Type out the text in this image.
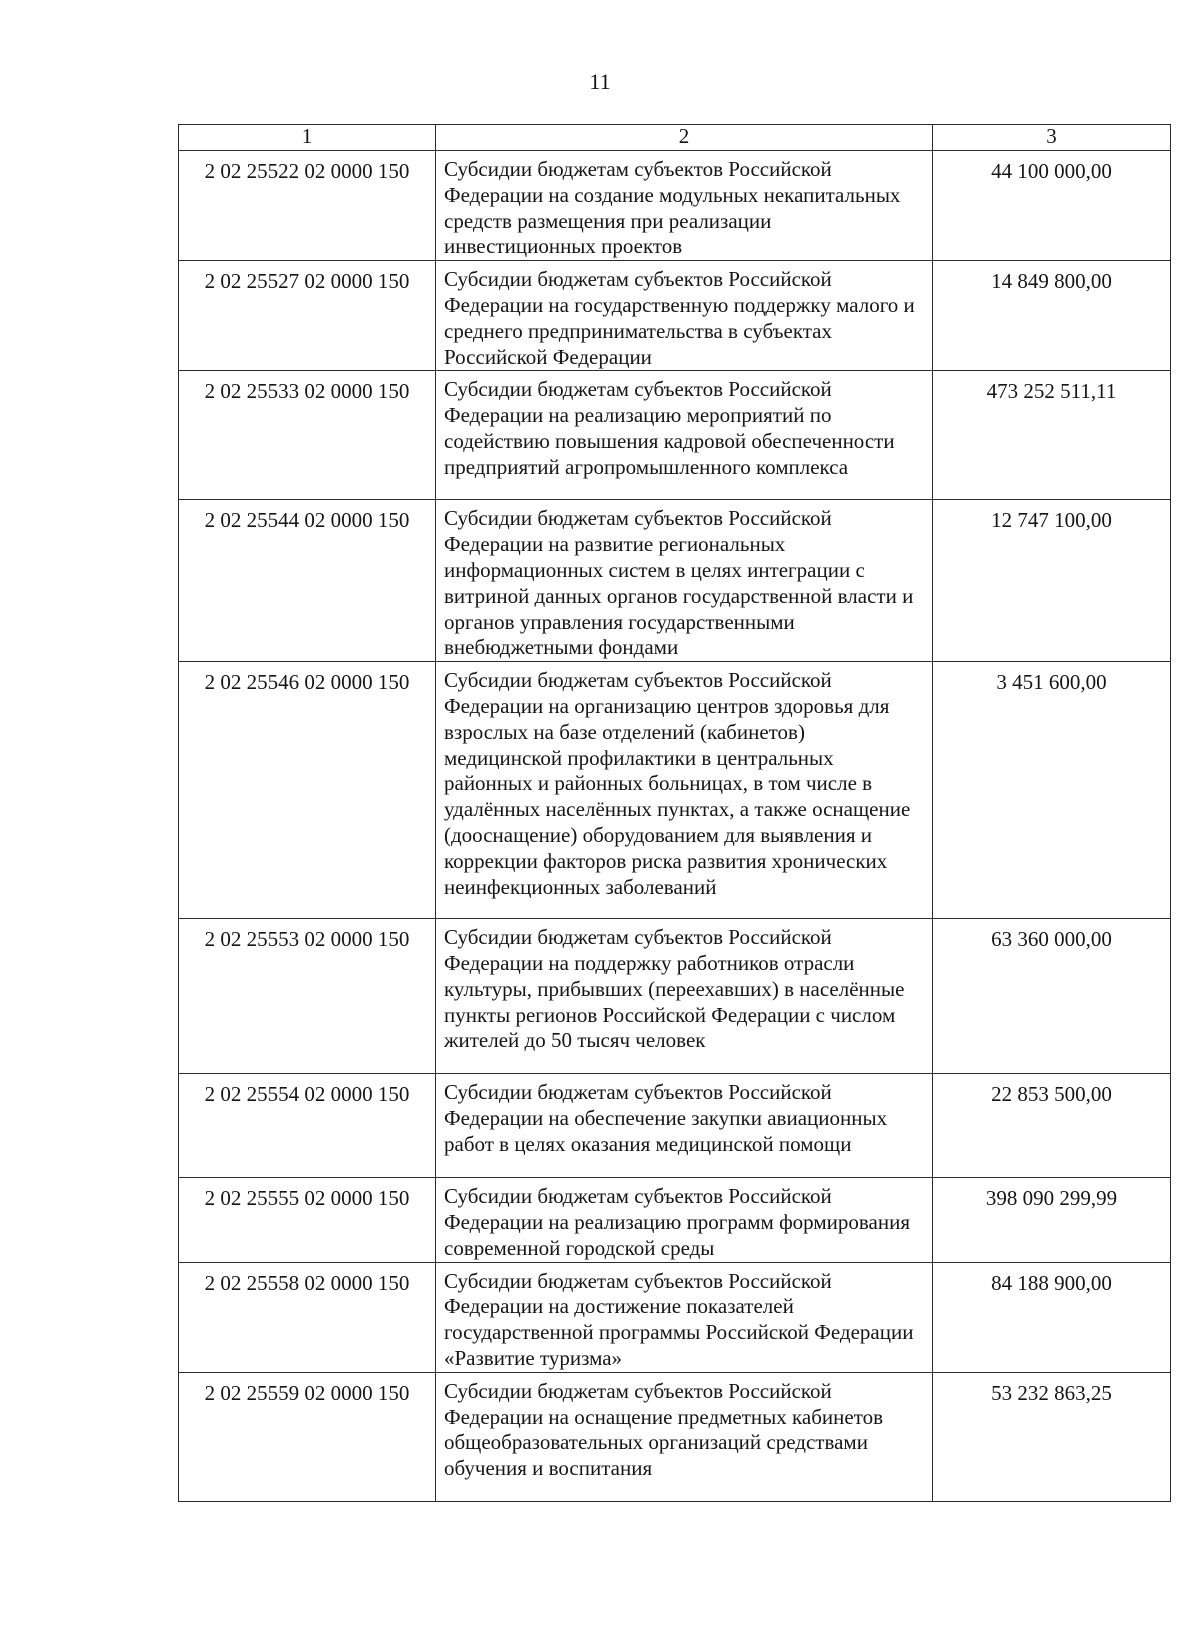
11
1	2	3
2 02 25522 02 0000 150	Субсидии бюджетам субъектов Российской Федерации на создание модульных некапитальных средств размещения при реализации инвестиционных проектов	44 100 000,00
2 02 25527 02 0000 150	Субсидии бюджетам субъектов Российской Федерации на государственную поддержку малого и среднего предпринимательства в субъектах Российской Федерации	14 849 800,00
2 02 25533 02 0000 150	Субсидии бюджетам субъектов Российской Федерации на реализацию мероприятий по содействию повышения кадровой обеспеченности предприятий агропромышленного комплекса	473 252 511,11
2 02 25544 02 0000 150	Субсидии бюджетам субъектов Российской Федерации на развитие региональных информационных систем в целях интеграции с витриной данных органов государственной власти и органов управления государственными внебюджетными фондами	12 747 100,00
2 02 25546 02 0000 150	Субсидии бюджетам субъектов Российской Федерации на организацию центров здоровья для взрослых на базе отделений (кабинетов) медицинской профилактики в центральных районных и районных больницах, в том числе в удалённых населённых пунктах, а также оснащение (дооснащение) оборудованием для выявления и коррекции факторов риска развития хронических неинфекционных заболеваний	3 451 600,00
2 02 25553 02 0000 150	Субсидии бюджетам субъектов Российской Федерации на поддержку работников отрасли культуры, прибывших (переехавших) в населённые пункты регионов Российской Федерации с числом жителей до 50 тысяч человек	63 360 000,00
2 02 25554 02 0000 150	Субсидии бюджетам субъектов Российской Федерации на обеспечение закупки авиационных работ в целях оказания медицинской помощи	22 853 500,00
2 02 25555 02 0000 150	Субсидии бюджетам субъектов Российской Федерации на реализацию программ формирования современной городской среды	398 090 299,99
2 02 25558 02 0000 150	Субсидии бюджетам субъектов Российской Федерации на достижение показателей государственной программы Российской Федерации «Развитие туризма»	84 188 900,00
2 02 25559 02 0000 150	Субсидии бюджетам субъектов Российской Федерации на оснащение предметных кабинетов общеобразовательных организаций средствами обучения и воспитания	53 232 863,25
